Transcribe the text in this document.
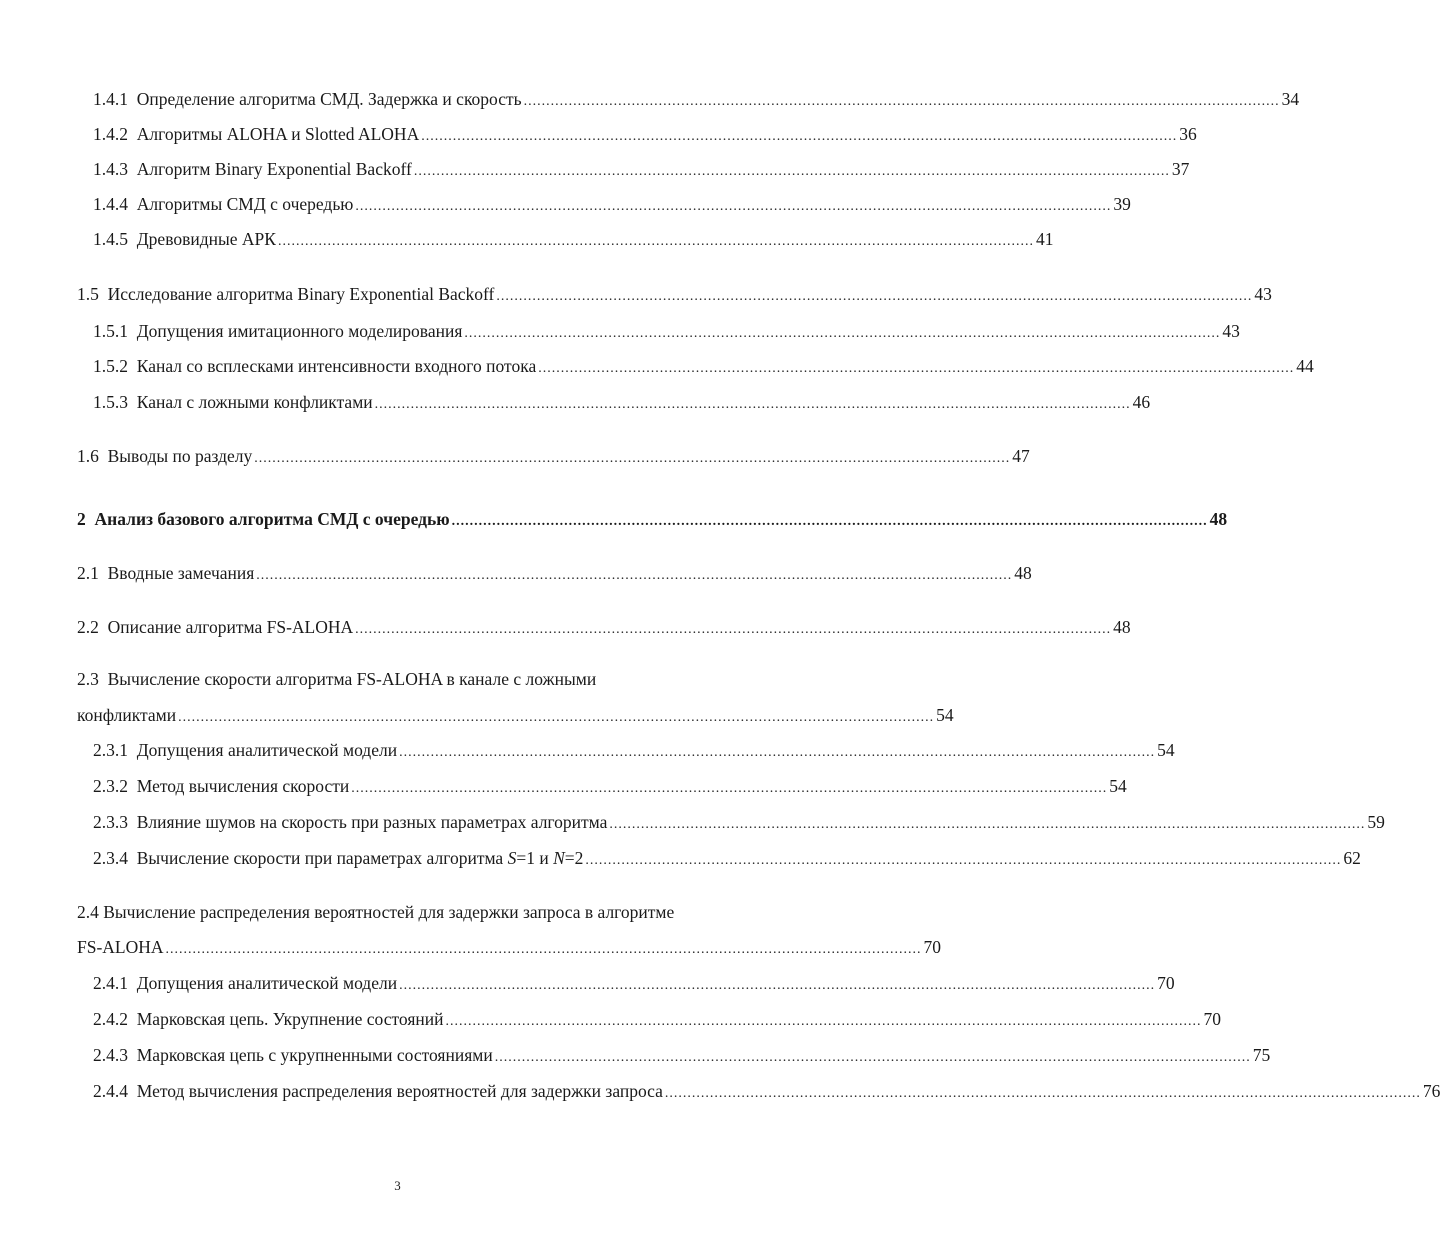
1.4.1 Определение алгоритма СМД. Задержка и скорость ........................................................................................................................................................................ 34
1.4.2 Алгоритмы ALOHA и Slotted ALOHA ........................................................................................................................................................................ 36
1.4.3 Алгоритм Binary Exponential Backoff ........................................................................................................................................................................ 37
1.4.4 Алгоритмы СМД с очередью ........................................................................................................................................................................ 39
1.4.5 Древовидные АРК ........................................................................................................................................................................ 41
1.5 Исследование алгоритма Binary Exponential Backoff ........................................................................................................................................................................ 43
1.5.1 Допущения имитационного моделирования ........................................................................................................................................................................ 43
1.5.2 Канал со всплесками интенсивности входного потока ........................................................................................................................................................................ 44
1.5.3 Канал с ложными конфликтами ........................................................................................................................................................................ 46
1.6 Выводы по разделу ........................................................................................................................................................................ 47
2 Анализ базового алгоритма СМД с очередью ........................................................................................................................................................................ 48
2.1 Вводные замечания ........................................................................................................................................................................ 48
2.2 Описание алгоритма FS-ALOHA ........................................................................................................................................................................ 48
2.3 Вычисление скорости алгоритма FS-ALOHA в канале с ложными
конфликтами ........................................................................................................................................................................ 54
2.3.1 Допущения аналитической модели ........................................................................................................................................................................ 54
2.3.2 Метод вычисления скорости ........................................................................................................................................................................ 54
2.3.3 Влияние шумов на скорость при разных параметрах алгоритма ........................................................................................................................................................................ 59
2.3.4 Вычисление скорости при параметрах алгоритма S=1 и N=2 ........................................................................................................................................................................ 62
2.4 Вычисление распределения вероятностей для задержки запроса в алгоритме
FS-ALOHA ........................................................................................................................................................................ 70
2.4.1 Допущения аналитической модели ........................................................................................................................................................................ 70
2.4.2 Марковская цепь. Укрупнение состояний ........................................................................................................................................................................ 70
2.4.3 Марковская цепь с укрупненными состояниями ........................................................................................................................................................................ 75
2.4.4 Метод вычисления распределения вероятностей для задержки запроса ........................................................................................................................................................................ 76
3
